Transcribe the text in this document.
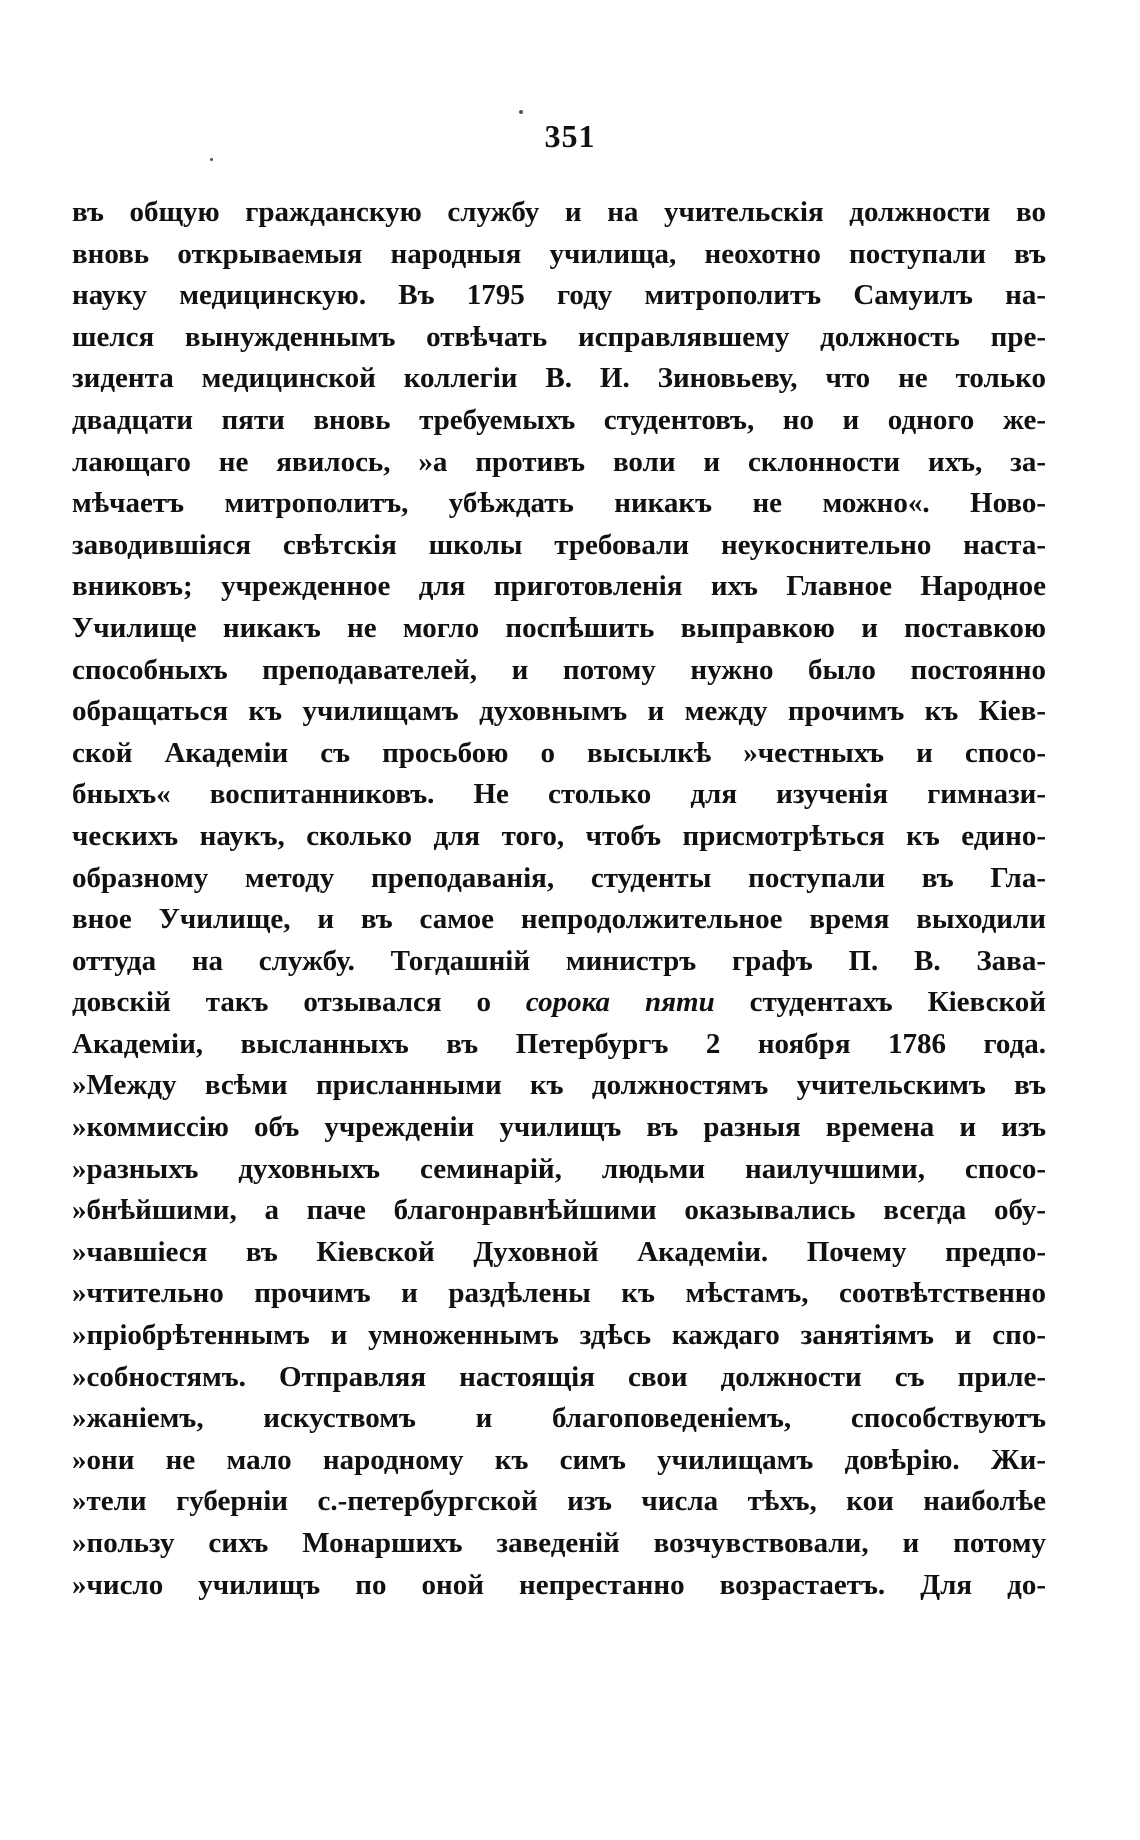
351
въ общую гражданскую службу и на учительскія должности во
вновь открываемыя народныя училища, неохотно поступали въ
науку медицинскую. Въ 1795 году митрополитъ Самуилъ на-
шелся вынужденнымъ отвѣчать исправлявшему должность пре-
зидента медицинской коллегіи В. И. Зиновьеву, что не только
двадцати пяти вновь требуемыхъ студентовъ, но и одного же-
лающаго не явилось, »а противъ воли и склонности ихъ, за-
мѣчаетъ митрополитъ, убѣждать никакъ не можно«. Ново-
заводившіяся свѣтскія школы требовали неукоснительно наста-
вниковъ; учрежденное для приготовленія ихъ Главное Народное
Училище никакъ не могло поспѣшить выправкою и поставкою
способныхъ преподавателей, и потому нужно было постоянно
обращаться къ училищамъ духовнымъ и между прочимъ къ Кіев-
ской Академіи съ просьбою о высылкѣ »честныхъ и спосо-
бныхъ« воспитанниковъ. Не столько для изученія гимнази-
ческихъ наукъ, сколько для того, чтобъ присмотрѣться къ едино-
образному методу преподаванія, студенты поступали въ Гла-
вное Училище, и въ самое непродолжительное время выходили
оттуда на службу. Тогдашній министръ графъ П. В. Зава-
довскій такъ отзывался о сорока пяти студентахъ Кіевской
Академіи, высланныхъ въ Петербургъ 2 ноября 1786 года.
»Между всѣми присланными къ должностямъ учительскимъ въ
»коммиссію объ учрежденіи училищъ въ разныя времена и изъ
»разныхъ духовныхъ семинарій, людьми наилучшими, спосо-
»бнѣйшими, а паче благонравнѣйшими оказывались всегда обу-
»чавшіеся въ Кіевской Духовной Академіи. Почему предпо-
»чтительно прочимъ и раздѣлены къ мѣстамъ, соотвѣтственно
»пріобрѣтеннымъ и умноженнымъ здѣсь каждаго занятіямъ и спо-
»собностямъ. Отправляя настоящія свои должности съ приле-
»жаніемъ, искуствомъ и благоповеденіемъ, способствуютъ
»они не мало народному къ симъ училищамъ довѣрію. Жи-
»тели губерніи с.-петербургской изъ числа тѣхъ, кои наиболѣе
»пользу сихъ Монаршихъ заведеній возчувствовали, и потому
»число училищъ по оной непрестанно возрастаетъ. Для до-
